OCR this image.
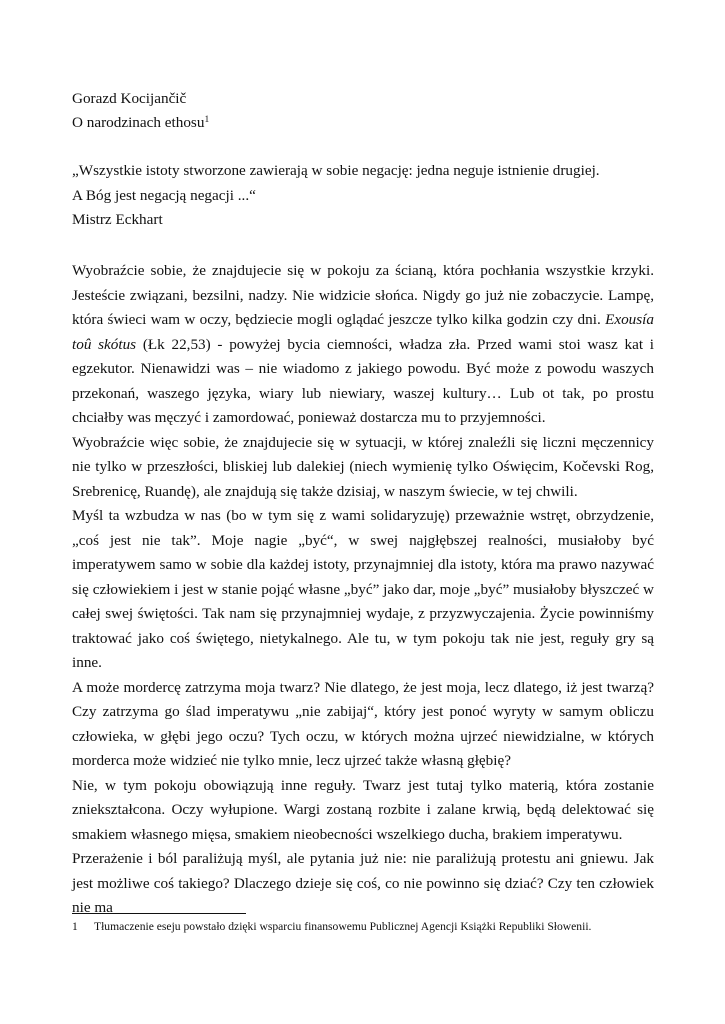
Gorazd Kocijančič
O narodzinach ethosu$^1$
„Wszystkie istoty stworzone zawierają w sobie negację: jedna neguje istnienie drugiej.
A Bóg jest negacją negacji ...“
Mistrz Eckhart

Wyobraźcie sobie, że znajdujecie się w pokoju za ścianą, która pochłania wszystkie krzyki. Jesteście związani, bezsilni, nadzy. Nie widzicie słońca. Nigdy go już nie zobaczycie. Lampę, która świeci wam w oczy, będziecie mogli oglądać jeszcze tylko kilka godzin czy dni. Exousía toû skótus (Łk 22,53) - powyżej bycia ciemności, władza zła. Przed wami stoi wasz kat i egzekutor. Nienawidzi was – nie wiadomo z jakiego powodu. Być może z powodu waszych przekonań, waszego języka, wiary lub niewiary, waszej kultury… Lub ot tak, po prostu chciałby was męczyć i zamordować, ponieważ dostarcza mu to przyjemności.

Wyobraźcie więc sobie, że znajdujecie się w sytuacji, w której znaleźli się liczni męczennicy nie tylko w przeszłości, bliskiej lub dalekiej (niech wymienię tylko Oświęcim, Kočevski Rog, Srebrenicę, Ruandę), ale znajdują się także dzisiaj, w naszym świecie, w tej chwili.

Myśl ta wzbudza w nas (bo w tym się z wami solidaryzuję) przeważnie wstręt, obrzydzenie, „coś jest nie tak”. Moje nagie „być“, w swej najgłębszej realności, musiałoby być imperatywem samo w sobie dla każdej istoty, przynajmniej dla istoty, która ma prawo nazywać się człowiekiem i jest w stanie pojąć własne „być” jako dar, moje „być” musiałoby błyszczeć w całej swej świętości. Tak nam się przynajmniej wydaje, z przyzwyczajenia. Życie powinniśmy traktować jako coś świętego, nietykalnego. Ale tu, w tym pokoju tak nie jest, reguły gry są inne.

A może mordercę zatrzyma moja twarz? Nie dlatego, że jest moja, lecz dlatego, iż jest twarzą? Czy zatrzyma go ślad imperatywu „nie zabijaj“, który jest ponoć wyryty w samym obliczu człowieka, w głębi jego oczu? Tych oczu, w których można ujrzeć niewidzialne, w których morderca może widzieć nie tylko mnie, lecz ujrzeć także własną głębię?

Nie, w tym pokoju obowiązują inne reguły. Twarz jest tutaj tylko materią, która zostanie zniekształcona. Oczy wyłupione. Wargi zostaną rozbite i zalane krwią, będą delektować się smakiem własnego mięsa, smakiem nieobecności wszelkiego ducha, brakiem imperatywu.

Przerażenie i ból paraliżują myśl, ale pytania już nie: nie paraliżują protestu ani gniewu. Jak jest możliwe coś takiego? Dlaczego dzieje się coś, co nie powinno się dziać? Czy ten człowiek nie ma

1 Tłumaczenie eseju powstało dzięki wsparciu finansowemu Publicznej Agencji Książki Republiki Słowenii.
